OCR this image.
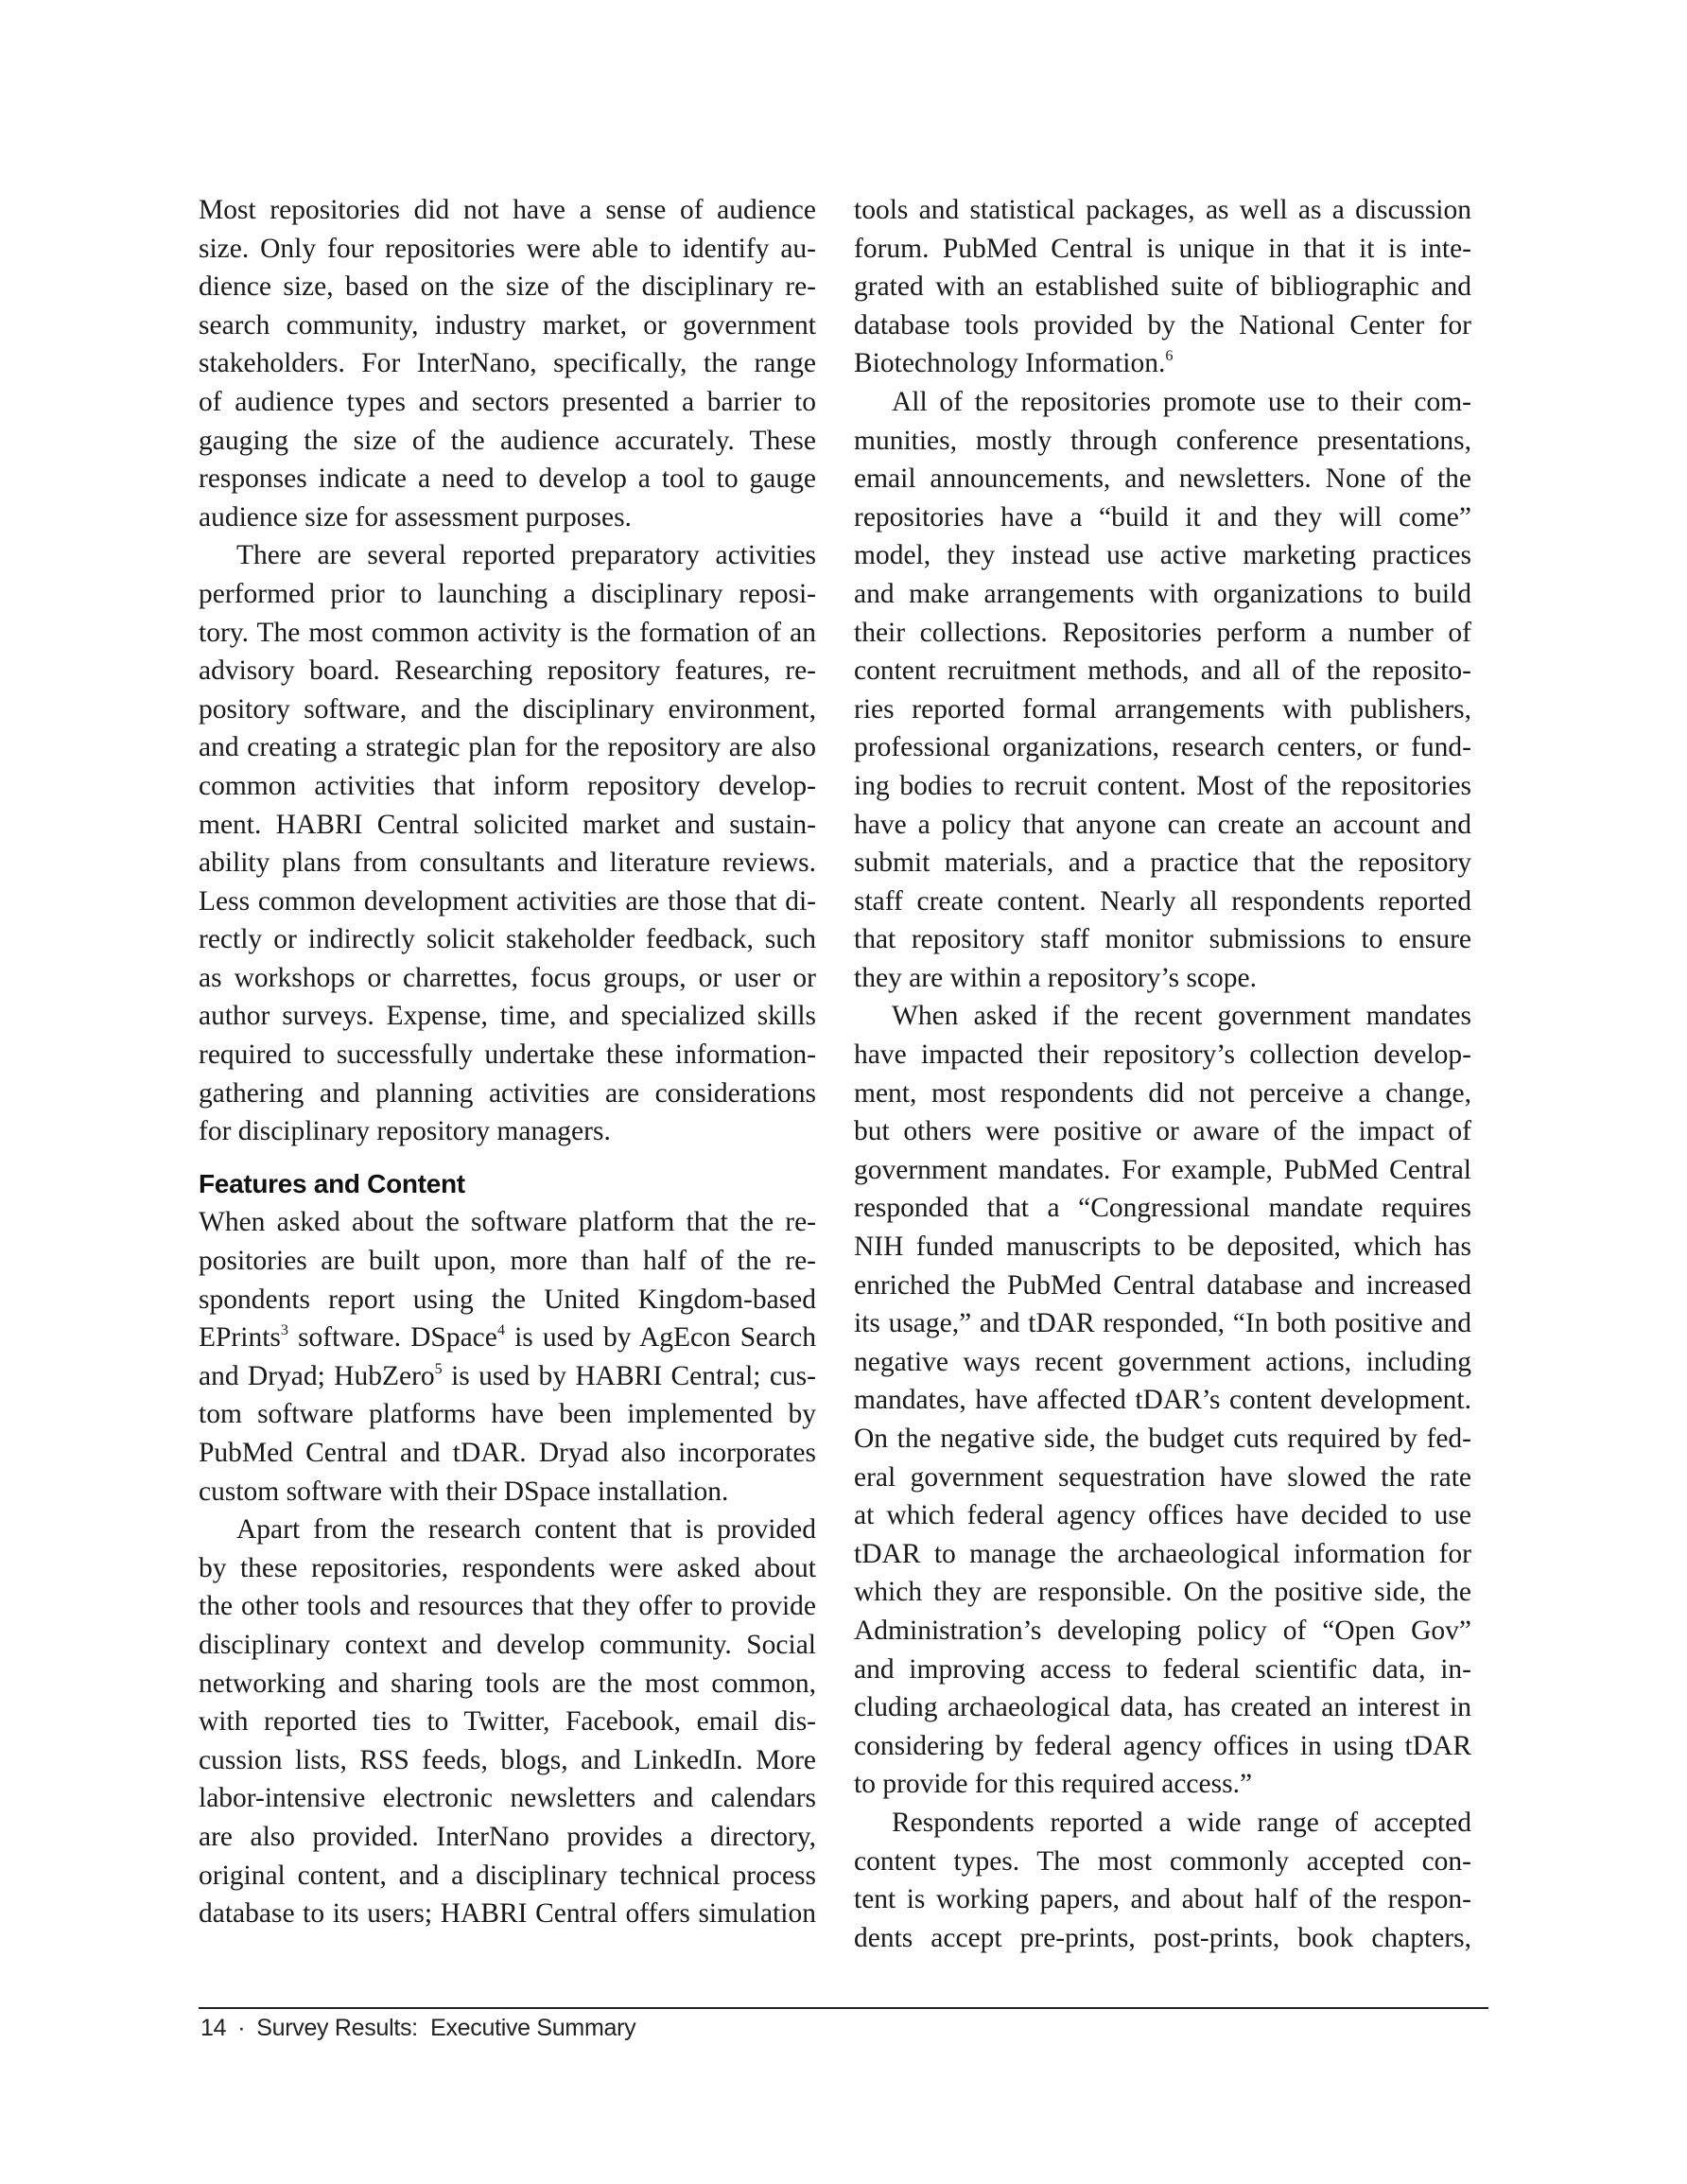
Most repositories did not have a sense of audience
size. Only four repositories were able to identify au-
dience size, based on the size of the disciplinary re-
search community, industry market, or government
stakeholders. For InterNano, specifically, the range
of audience types and sectors presented a barrier to
gauging the size of the audience accurately. These
responses indicate a need to develop a tool to gauge
audience size for assessment purposes.
There are several reported preparatory activities
performed prior to launching a disciplinary reposi-
tory. The most common activity is the formation of an
advisory board. Researching repository features, re-
pository software, and the disciplinary environment,
and creating a strategic plan for the repository are also
common activities that inform repository develop-
ment. HABRI Central solicited market and sustain-
ability plans from consultants and literature reviews.
Less common development activities are those that di-
rectly or indirectly solicit stakeholder feedback, such
as workshops or charrettes, focus groups, or user or
author surveys. Expense, time, and specialized skills
required to successfully undertake these information-
gathering and planning activities are considerations
for disciplinary repository managers.
Features and Content
When asked about the software platform that the re-
positories are built upon, more than half of the re-
spondents report using the United Kingdom-based
EPrints$^3$ software. DSpace$^4$ is used by AgEcon Search
and Dryad; HubZero$^5$ is used by HABRI Central; cus-
tom software platforms have been implemented by
PubMed Central and tDAR. Dryad also incorporates
custom software with their DSpace installation.
Apart from the research content that is provided
by these repositories, respondents were asked about
the other tools and resources that they offer to provide
disciplinary context and develop community. Social
networking and sharing tools are the most common,
with reported ties to Twitter, Facebook, email dis-
cussion lists, RSS feeds, blogs, and LinkedIn. More
labor-intensive electronic newsletters and calendars
are also provided. InterNano provides a directory,
original content, and a disciplinary technical process
database to its users; HABRI Central offers simulation
tools and statistical packages, as well as a discussion
forum. PubMed Central is unique in that it is inte-
grated with an established suite of bibliographic and
database tools provided by the National Center for
Biotechnology Information.$^6$
All of the repositories promote use to their com-
munities, mostly through conference presentations,
email announcements, and newsletters. None of the
repositories have a “build it and they will come”
model, they instead use active marketing practices
and make arrangements with organizations to build
their collections. Repositories perform a number of
content recruitment methods, and all of the reposito-
ries reported formal arrangements with publishers,
professional organizations, research centers, or fund-
ing bodies to recruit content. Most of the repositories
have a policy that anyone can create an account and
submit materials, and a practice that the repository
staff create content. Nearly all respondents reported
that repository staff monitor submissions to ensure
they are within a repository’s scope.
When asked if the recent government mandates
have impacted their repository’s collection develop-
ment, most respondents did not perceive a change,
but others were positive or aware of the impact of
government mandates. For example, PubMed Central
responded that a “Congressional mandate requires
NIH funded manuscripts to be deposited, which has
enriched the PubMed Central database and increased
its usage,” and tDAR responded, “In both positive and
negative ways recent government actions, including
mandates, have affected tDAR’s content development.
On the negative side, the budget cuts required by fed-
eral government sequestration have slowed the rate
at which federal agency offices have decided to use
tDAR to manage the archaeological information for
which they are responsible. On the positive side, the
Administration’s developing policy of “Open Gov”
and improving access to federal scientific data, in-
cluding archaeological data, has created an interest in
considering by federal agency offices in using tDAR
to provide for this required access.”
Respondents reported a wide range of accepted
content types. The most commonly accepted con-
tent is working papers, and about half of the respon-
dents accept pre-prints, post-prints, book chapters,
14 · Survey Results:  Executive Summary
